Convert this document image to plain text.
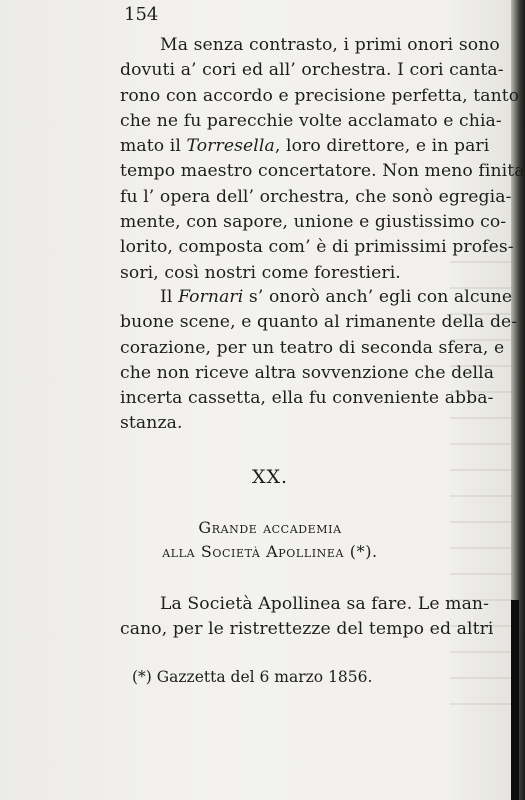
154
Ma senza contrasto, i primi onori sono
dovuti a’ cori ed all’ orchestra. I cori canta-
rono con accordo e precisione perfetta, tanto
che ne fu parecchie volte acclamato e chia-
mato il Torresella, loro direttore, e in pari
tempo maestro concertatore. Non meno finita
fu l’ opera dell’ orchestra, che sonò egregia-
mente, con sapore, unione e giustissimo co-
lorito, composta com’ è di primissimi profes-
sori, così nostri come forestieri.
Il Fornari s’ onorò anch’ egli con alcune
buone scene, e quanto al rimanente della de-
corazione, per un teatro di seconda sfera, e
che non riceve altra sovvenzione che della
incerta cassetta, ella fu conveniente abba-
stanza.
XX.
Grande accademia
alla Società Apollinea (*).
La Società Apollinea sa fare. Le man-
cano, per le ristrettezze del tempo ed altri
(*) Gazzetta del 6 marzo 1856.
